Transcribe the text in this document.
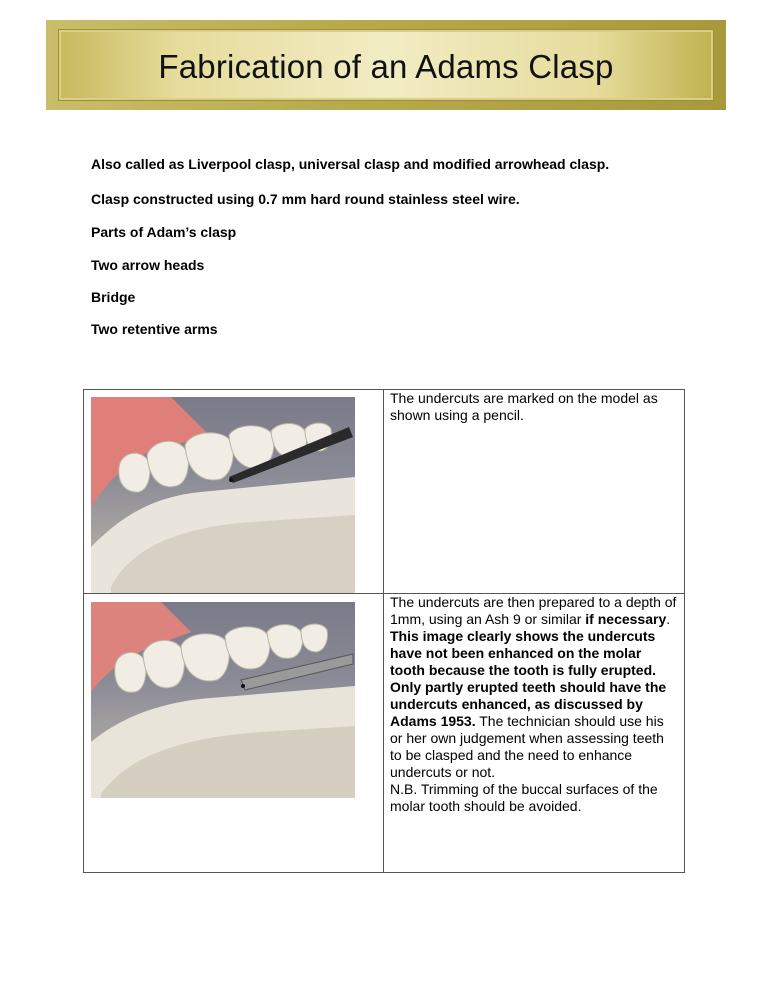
Fabrication of an Adams Clasp

Also called as Liverpool clasp, universal clasp and modified arrowhead clasp.

Clasp constructed using 0.7 mm hard round stainless steel wire.

Parts of Adam’s clasp

Two arrow heads

Bridge

Two retentive arms

The undercuts are marked on the model as shown using a pencil.

The undercuts are then prepared to a depth of 1mm, using an Ash 9 or similar if necessary. This image clearly shows the undercuts have not been enhanced on the molar tooth because the tooth is fully erupted. Only partly erupted teeth should have the undercuts enhanced, as discussed by Adams 1953. The technician should use his or her own judgement when assessing teeth to be clasped and the need to enhance undercuts or not.
N.B. Trimming of the buccal surfaces of the molar tooth should be avoided.
